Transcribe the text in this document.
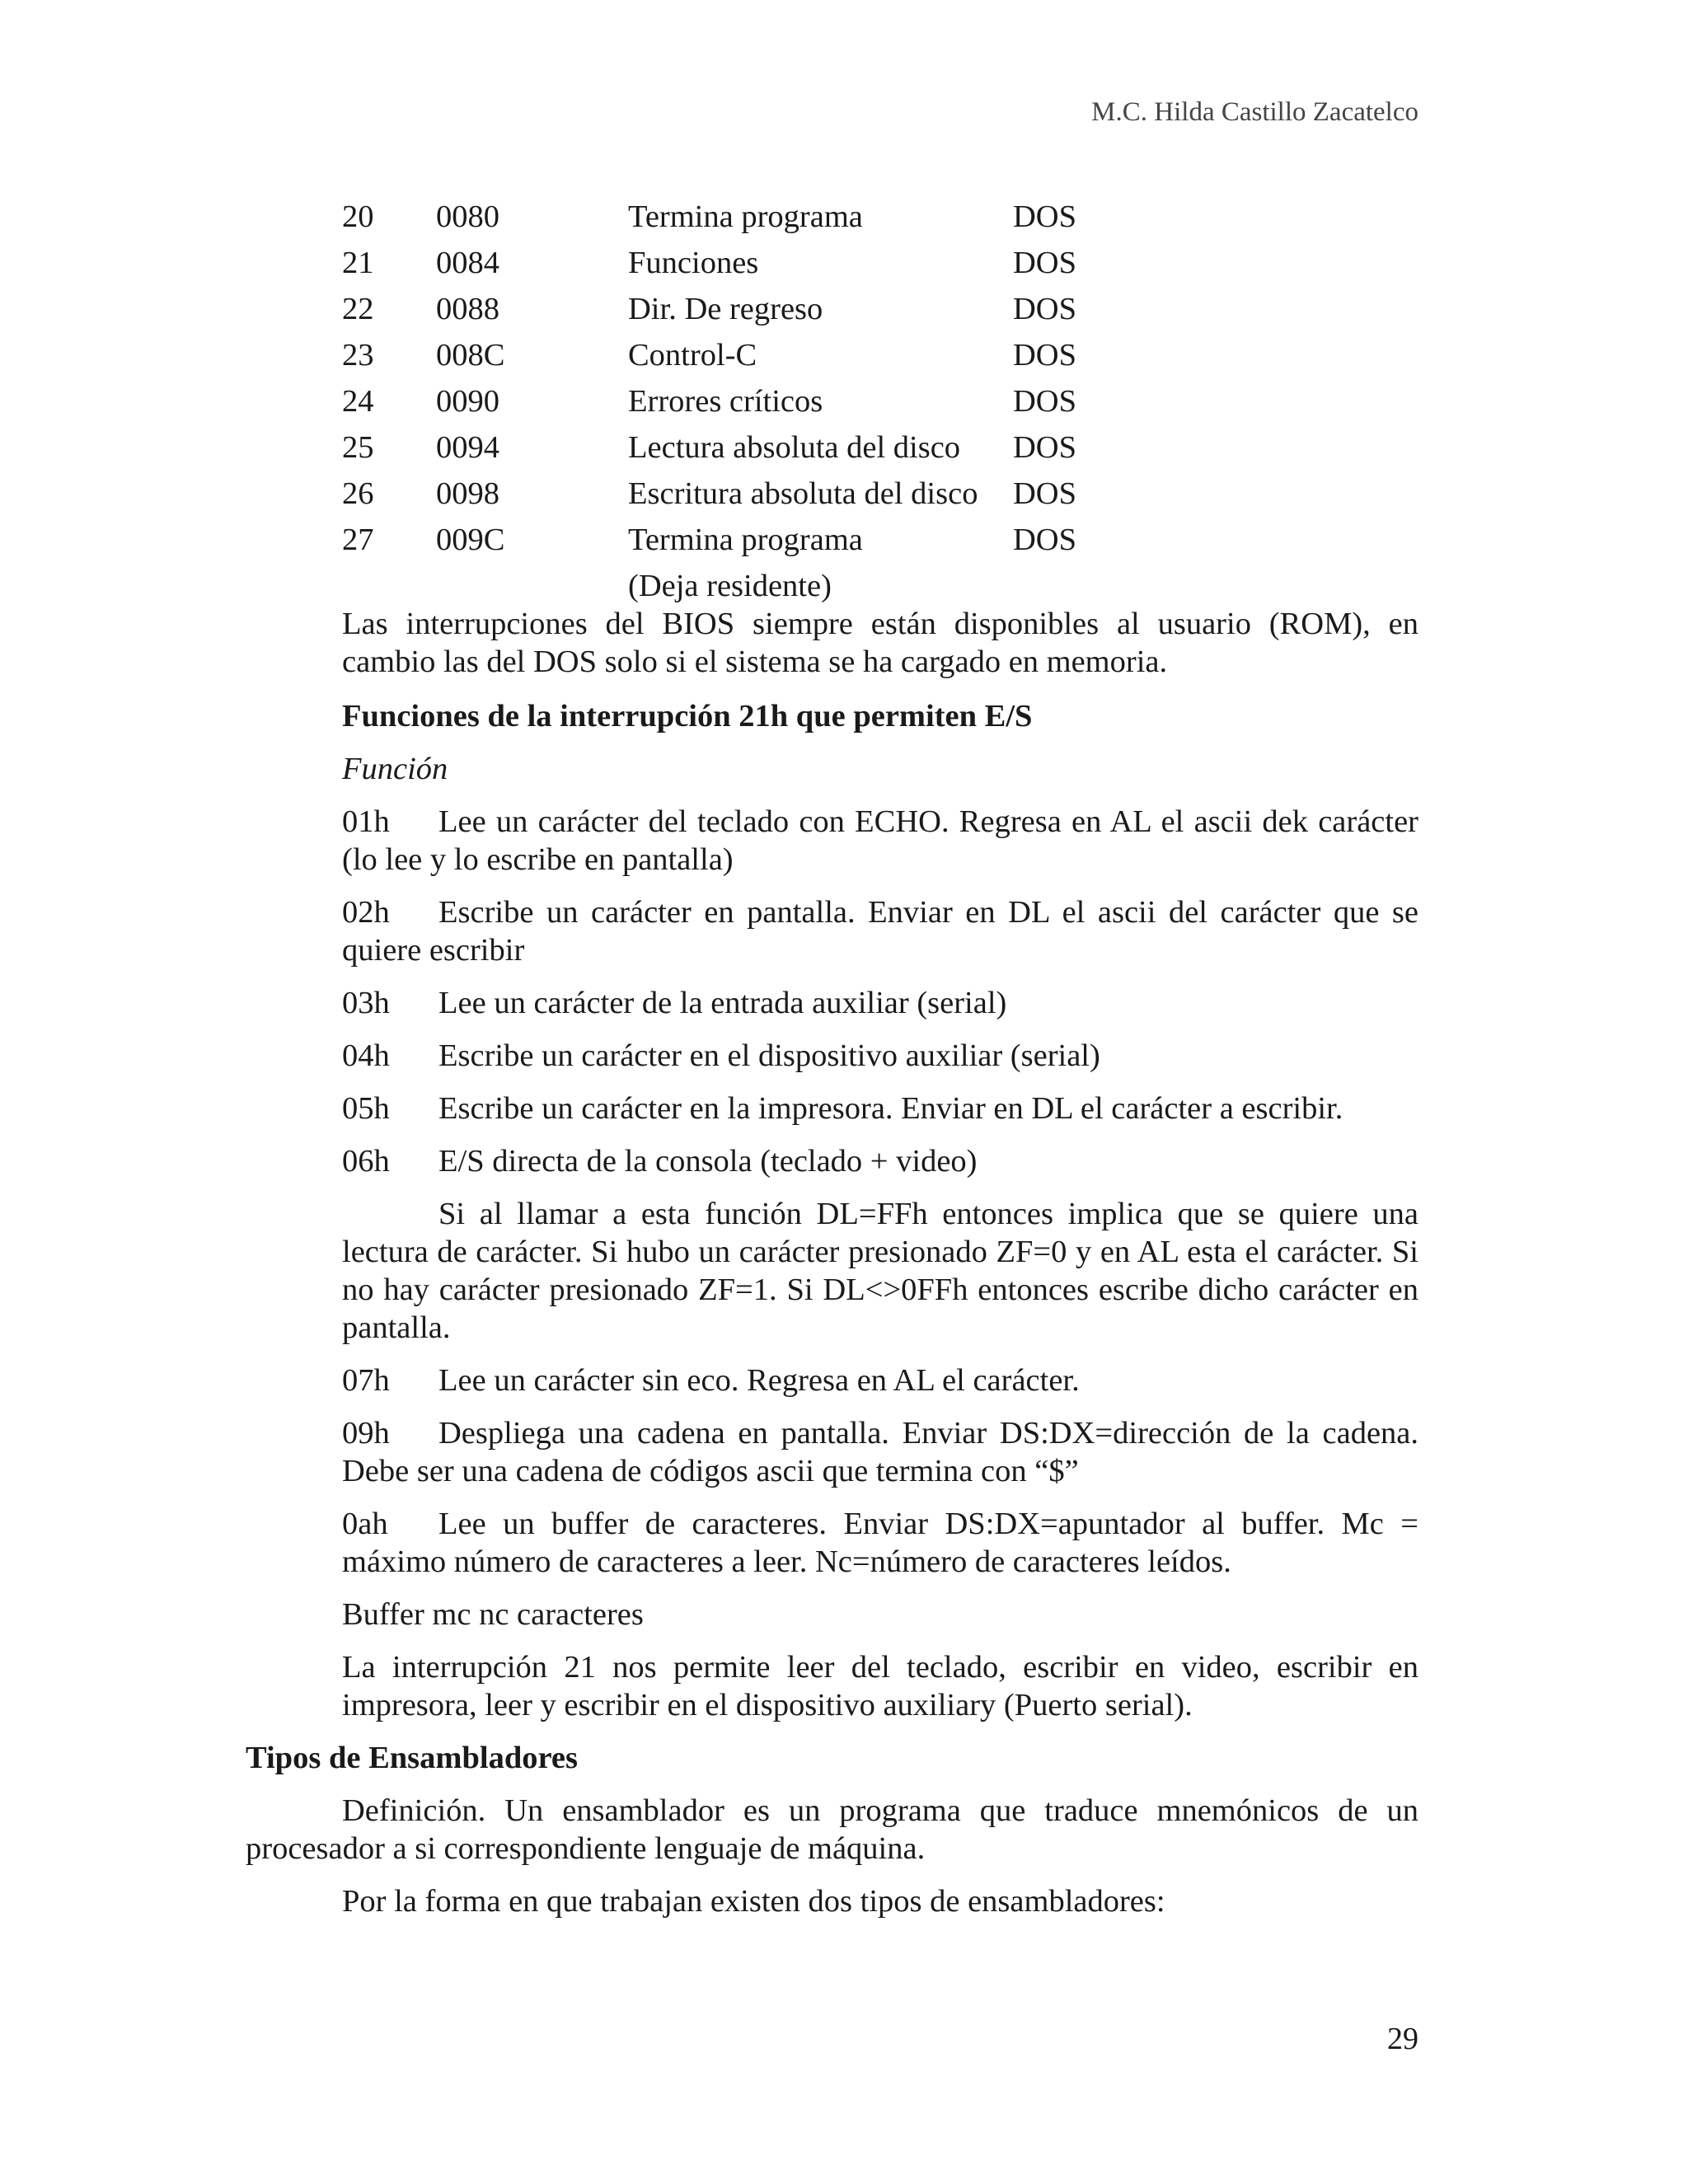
M.C. Hilda Castillo Zacatelco
20	0080	Termina programa	DOS
21	0084	Funciones	DOS
22	0088	Dir. De regreso	DOS
23	008C	Control-C	DOS
24	0090	Errores críticos	DOS
25	0094	Lectura absoluta del disco	DOS
26	0098	Escritura absoluta del disco	DOS
27	009C	Termina programa	DOS
		(Deja residente)	

Las interrupciones del BIOS siempre están disponibles al usuario (ROM), en cambio las del DOS solo si el sistema se ha cargado en memoria.

Funciones de la interrupción 21h que permiten E/S

Función

01h Lee un carácter del teclado con ECHO. Regresa en AL el ascii dek carácter (lo lee y lo escribe en pantalla)

02h Escribe un carácter en pantalla. Enviar en DL el ascii del carácter que se quiere escribir

03h Lee un carácter de la entrada auxiliar (serial)

04h Escribe un carácter en el dispositivo auxiliar (serial)

05h Escribe un carácter en la impresora. Enviar en DL el carácter a escribir.

06h E/S directa de la consola (teclado + video)

Si al llamar a esta función DL=FFh entonces implica que se quiere una lectura de carácter. Si hubo un carácter presionado ZF=0 y en AL esta el carácter. Si no hay carácter presionado ZF=1. Si DL<>0FFh entonces escribe dicho carácter en pantalla.

07h Lee un carácter sin eco. Regresa en AL el carácter.

09h Despliega una cadena en pantalla. Enviar DS:DX=dirección de la cadena. Debe ser una cadena de códigos ascii que termina con “$”

0ah Lee un buffer de caracteres. Enviar DS:DX=apuntador al buffer. Mc = máximo número de caracteres a leer. Nc=número de caracteres leídos.

Buffer mc nc caracteres

La interrupción 21 nos permite leer del teclado, escribir en video, escribir en impresora, leer y escribir en el dispositivo auxiliary (Puerto serial).

Tipos de Ensambladores

Definición. Un ensamblador es un programa que traduce mnemónicos de un procesador a si correspondiente lenguaje de máquina.

Por la forma en que trabajan existen dos tipos de ensambladores:

29
